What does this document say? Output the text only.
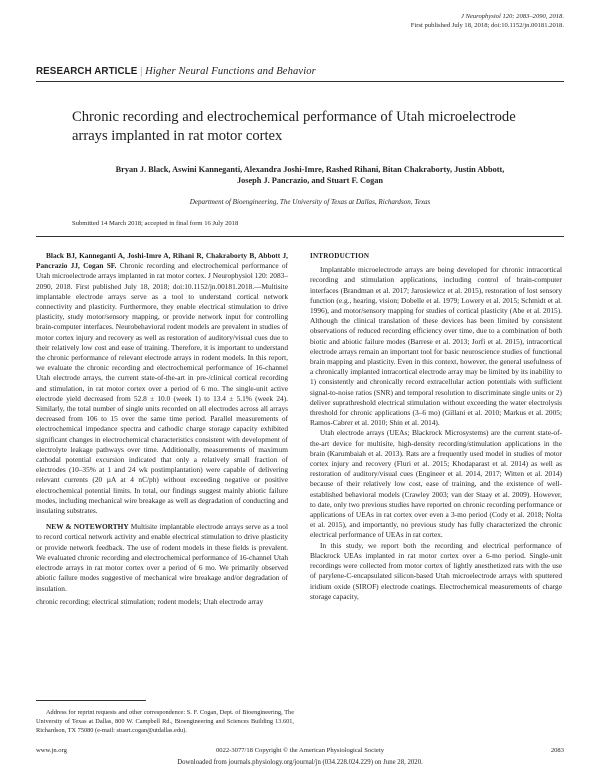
J Neurophysiol 120: 2083–2090, 2018.
First published July 18, 2018; doi:10.1152/jn.00181.2018.
RESEARCH ARTICLE | Higher Neural Functions and Behavior
Chronic recording and electrochemical performance of Utah microelectrode arrays implanted in rat motor cortex
Bryan J. Black, Aswini Kanneganti, Alexandra Joshi-Imre, Rashed Rihani, Bitan Chakraborty, Justin Abbott, Joseph J. Pancrazio, and Stuart F. Cogan
Department of Bioengineering, The University of Texas at Dallas, Richardson, Texas
Submitted 14 March 2018; accepted in final form 16 July 2018

Black BJ, Kanneganti A, Joshi-Imre A, Rihani R, Chakraborty B, Abbott J, Pancrazio JJ, Cogan SF. Chronic recording and electrochemical performance of Utah microelectrode arrays implanted in rat motor cortex. J Neurophysiol 120: 2083–2090, 2018. First published July 18, 2018; doi:10.1152/jn.00181.2018.—Multisite implantable electrode arrays serve as a tool to understand cortical network connectivity and plasticity. Furthermore, they enable electrical stimulation to drive plasticity, study motor/sensory mapping, or provide network input for controlling brain-computer interfaces. Neurobehavioral rodent models are prevalent in studies of motor cortex injury and recovery as well as restoration of auditory/visual cues due to their relatively low cost and ease of training. Therefore, it is important to understand the chronic performance of relevant electrode arrays in rodent models. In this report, we evaluate the chronic recording and electrochemical performance of 16-channel Utah electrode arrays, the current state-of-the-art in pre-/clinical cortical recording and stimulation, in rat motor cortex over a period of 6 mo. The single-unit active electrode yield decreased from 52.8 ± 10.0 (week 1) to 13.4 ± 5.1% (week 24). Similarly, the total number of single units recorded on all electrodes across all arrays decreased from 106 to 15 over the same time period. Parallel measurements of electrochemical impedance spectra and cathodic charge storage capacity exhibited significant changes in electrochemical characteristics consistent with development of electrolyte leakage pathways over time. Additionally, measurements of maximum cathodal potential excursion indicated that only a relatively small fraction of electrodes (10–35% at 1 and 24 wk postimplantation) were capable of delivering relevant currents (20 µA at 4 nC/ph) without exceeding negative or positive electrochemical potential limits. In total, our findings suggest mainly abiotic failure modes, including mechanical wire breakage as well as degradation of conducting and insulating substrates.

NEW & NOTEWORTHY Multisite implantable electrode arrays serve as a tool to record cortical network activity and enable electrical stimulation to drive plasticity or provide network feedback. The use of rodent models in these fields is prevalent. We evaluated chronic recording and electrochemical performance of 16-channel Utah electrode arrays in rat motor cortex over a period of 6 mo. We primarily observed abiotic failure modes suggestive of mechanical wire breakage and/or degradation of insulation.

chronic recording; electrical stimulation; rodent models; Utah electrode array

INTRODUCTION

Implantable microelectrode arrays are being developed for chronic intracortical recording and stimulation applications, including control of brain-computer interfaces (Brandman et al. 2017; Jarosiewicz et al. 2015), restoration of lost sensory function (e.g., hearing, vision; Dobelle et al. 1979; Lowery et al. 2015; Schmidt et al. 1996), and motor/sensory mapping for studies of cortical plasticity (Abe et al. 2015). Although the clinical translation of these devices has been limited by consistent observations of reduced recording efficiency over time, due to a combination of both biotic and abiotic failure modes (Barrese et al. 2013; Jorfi et al. 2015), intracortical electrode arrays remain an important tool for basic neuroscience studies of functional brain mapping and plasticity. Even in this context, however, the general usefulness of a chronically implanted intracortical electrode array may be limited by its inability to 1) consistently and chronically record extracellular action potentials with sufficient signal-to-noise ratios (SNR) and temporal resolution to discriminate single units or 2) deliver suprathreshold electrical stimulation without exceeding the water electrolysis threshold for chronic applications (3–6 mo) (Gillani et al. 2010; Markus et al. 2005; Ramos-Cabrer et al. 2010; Shin et al. 2014).

Utah electrode arrays (UEAs; Blackrock Microsystems) are the current state-of-the-art device for multisite, high-density recording/stimulation applications in the brain (Karumbaiah et al. 2013). Rats are a frequently used model in studies of motor cortex injury and recovery (Fluri et al. 2015; Khodaparast et al. 2014) as well as restoration of auditory/visual cues (Engineer et al. 2014, 2017; Witten et al. 2014) because of their relatively low cost, ease of training, and the existence of well-established behavioral models (Crawley 2003; van der Staay et al. 2009). However, to date, only two previous studies have reported on chronic recording performance or applications of UEAs in rat cortex over even a 3-mo period (Cody et al. 2018; Nolta et al. 2015), and importantly, no previous study has fully characterized the chronic electrical performance of UEAs in rat cortex.

In this study, we report both the recording and electrical performance of Blackrock UEAs implanted in rat motor cortex over a 6-mo period. Single-unit recordings were collected from motor cortex of lightly anesthetized rats with the use of parylene-C-encapsulated silicon-based Utah microelectrode arrays with sputtered iridium oxide (SIROF) electrode coatings. Electrochemical measurements of charge storage capacity,

Address for reprint requests and other correspondence: S. F. Cogan, Dept. of Bioengineering, The University of Texas at Dallas, 800 W. Campbell Rd., Bioengineering and Sciences Building 13.601, Richardson, TX 75080 (e-mail: stuart.cogan@utdallas.edu).
www.jn.org	0022-3077/18 Copyright © the American Physiological Society	2083
Downloaded from journals.physiology.org/journal/jn (034.228.024.229) on June 28, 2020.
